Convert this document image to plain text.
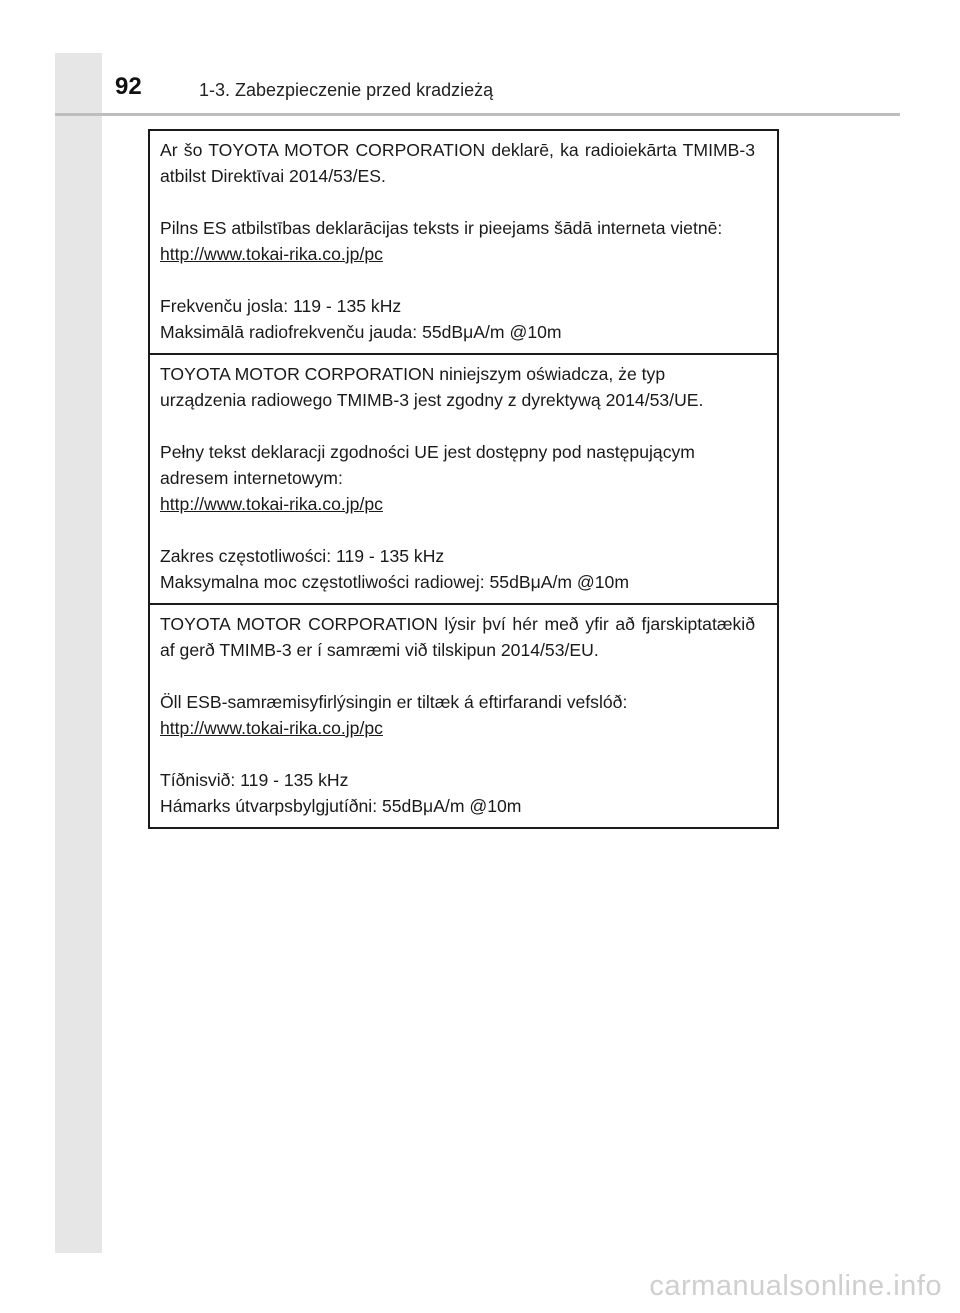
92	1-3. Zabezpieczenie przed kradzieżą

Ar šo TOYOTA MOTOR CORPORATION deklarē, ka radioiekārta TMIMB-3 atbilst Direktīvai 2014/53/ES.

Pilns ES atbilstības deklarācijas teksts ir pieejams šādā interneta vietnē:
http://www.tokai-rika.co.jp/pc

Frekvenču josla: 119 - 135 kHz
Maksimālā radiofrekvenču jauda: 55dBμA/m @10m

TOYOTA MOTOR CORPORATION niniejszym oświadcza, że typ urządzenia radiowego TMIMB-3 jest zgodny z dyrektywą 2014/53/UE.

Pełny tekst deklaracji zgodności UE jest dostępny pod następującym adresem internetowym:
http://www.tokai-rika.co.jp/pc

Zakres częstotliwości: 119 - 135 kHz
Maksymalna moc częstotliwości radiowej: 55dBμA/m @10m

TOYOTA MOTOR CORPORATION lýsir því hér með yfir að fjarskiptatækið af gerð TMIMB-3 er í samræmi við tilskipun 2014/53/EU.

Öll ESB-samræmisyfirlýsingin er tiltæk á eftirfarandi vefslóð:
http://www.tokai-rika.co.jp/pc

Tíðnisvið: 119 - 135 kHz
Hámarks útvarpsbylgjutíðni: 55dBμA/m @10m

carmanualsonline.info
